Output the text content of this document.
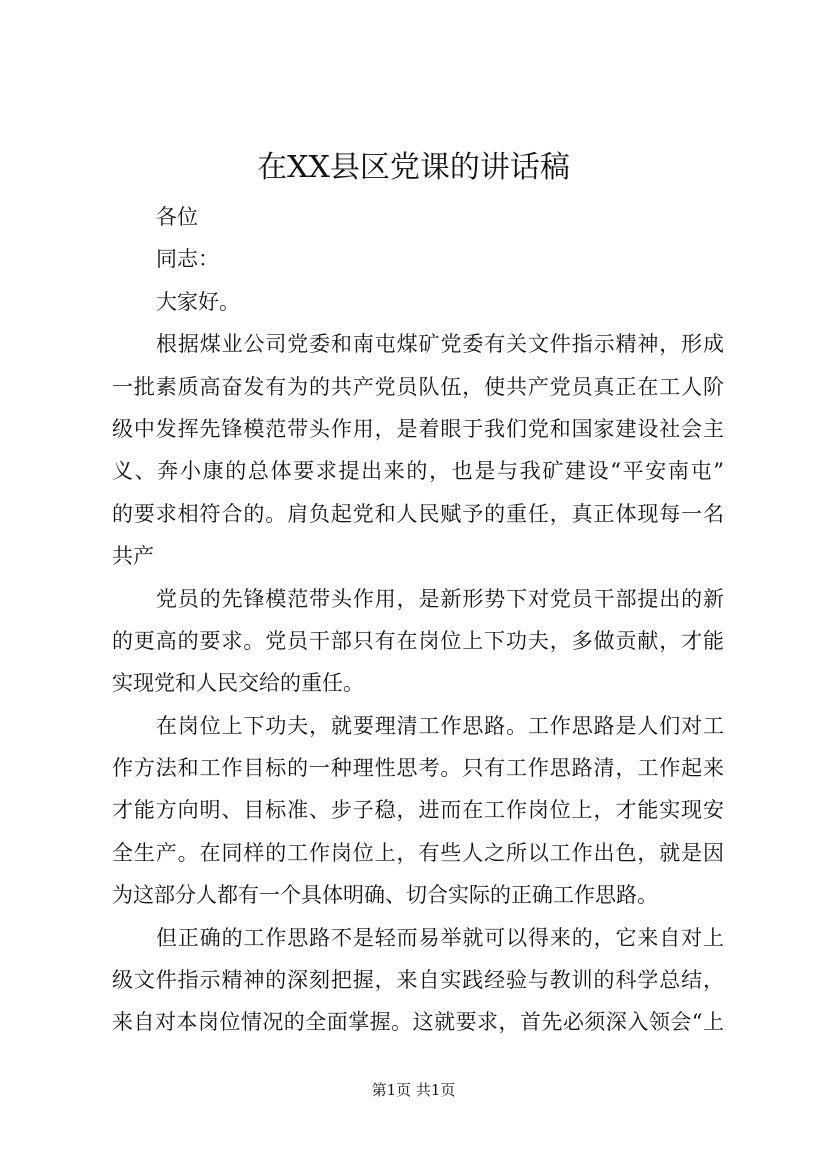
在XX县区党课的讲话稿
各位
同志：
大家好。
根据煤业公司党委和南屯煤矿党委有关文件指示精神，形成
一批素质高奋发有为的共产党员队伍，使共产党员真正在工人阶
级中发挥先锋模范带头作用，是着眼于我们党和国家建设社会主
义、奔小康的总体要求提出来的，也是与我矿建设“平安南屯”
的要求相符合的。肩负起党和人民赋予的重任，真正体现每一名
共产
党员的先锋模范带头作用，是新形势下对党员干部提出的新
的更高的要求。党员干部只有在岗位上下功夫，多做贡献，才能
实现党和人民交给的重任。
在岗位上下功夫，就要理清工作思路。工作思路是人们对工
作方法和工作目标的一种理性思考。只有工作思路清，工作起来
才能方向明、目标准、步子稳，进而在工作岗位上，才能实现安
全生产。在同样的工作岗位上，有些人之所以工作出色，就是因
为这部分人都有一个具体明确、切合实际的正确工作思路。
但正确的工作思路不是轻而易举就可以得来的，它来自对上
级文件指示精神的深刻把握，来自实践经验与教训的科学总结，
来自对本岗位情况的全面掌握。这就要求，首先必须深入领会“上
第1页 共1页
